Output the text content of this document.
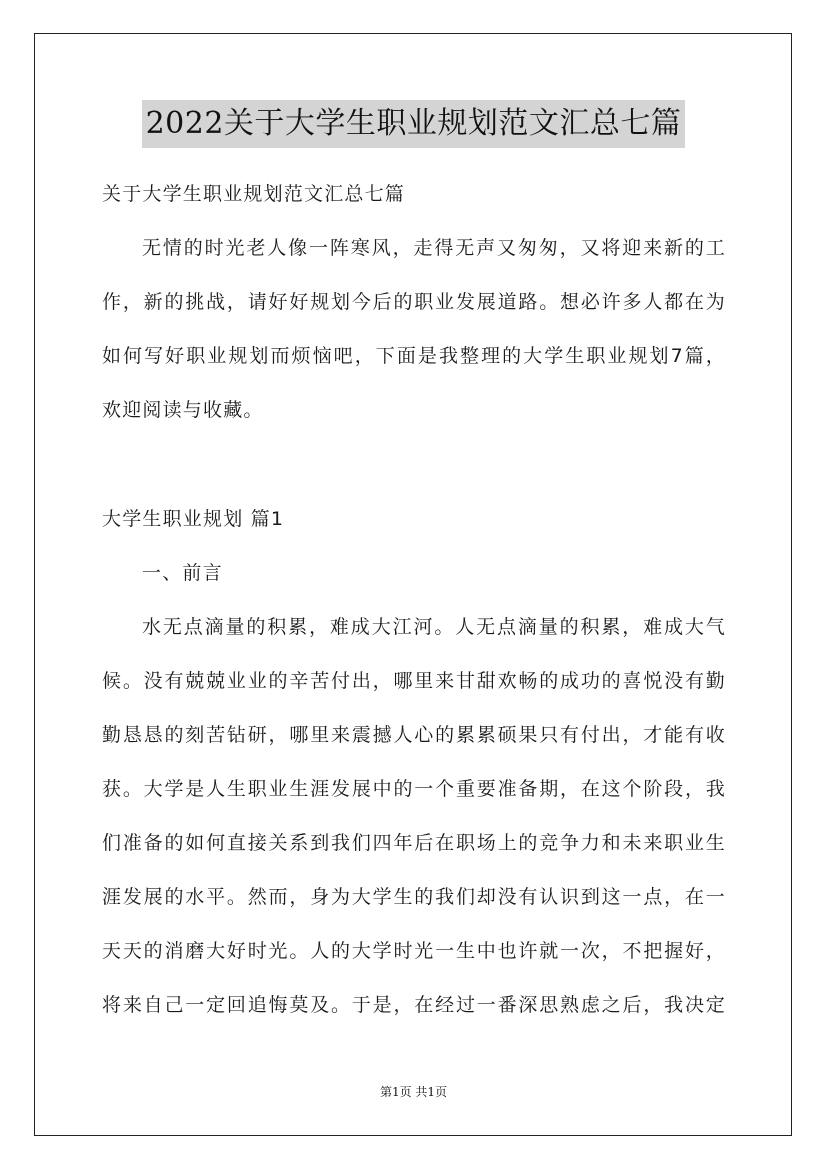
2022关于大学生职业规划范文汇总七篇
关于大学生职业规划范文汇总七篇
无情的时光老人像一阵寒风，走得无声又匆匆，又将迎来新的工
作，新的挑战，请好好规划今后的职业发展道路。想必许多人都在为
如何写好职业规划而烦恼吧，下面是我整理的大学生职业规划7篇，
欢迎阅读与收藏。
大学生职业规划 篇1
一、前言
水无点滴量的积累，难成大江河。人无点滴量的积累，难成大气
候。没有兢兢业业的辛苦付出，哪里来甘甜欢畅的成功的喜悦没有勤
勤恳恳的刻苦钻研，哪里来震撼人心的累累硕果只有付出，才能有收
获。大学是人生职业生涯发展中的一个重要准备期，在这个阶段，我
们准备的如何直接关系到我们四年后在职场上的竞争力和未来职业生
涯发展的水平。然而，身为大学生的我们却没有认识到这一点，在一
天天的消磨大好时光。人的大学时光一生中也许就一次，不把握好，
将来自己一定回追悔莫及。于是，在经过一番深思熟虑之后，我决定
第1页 共1页
